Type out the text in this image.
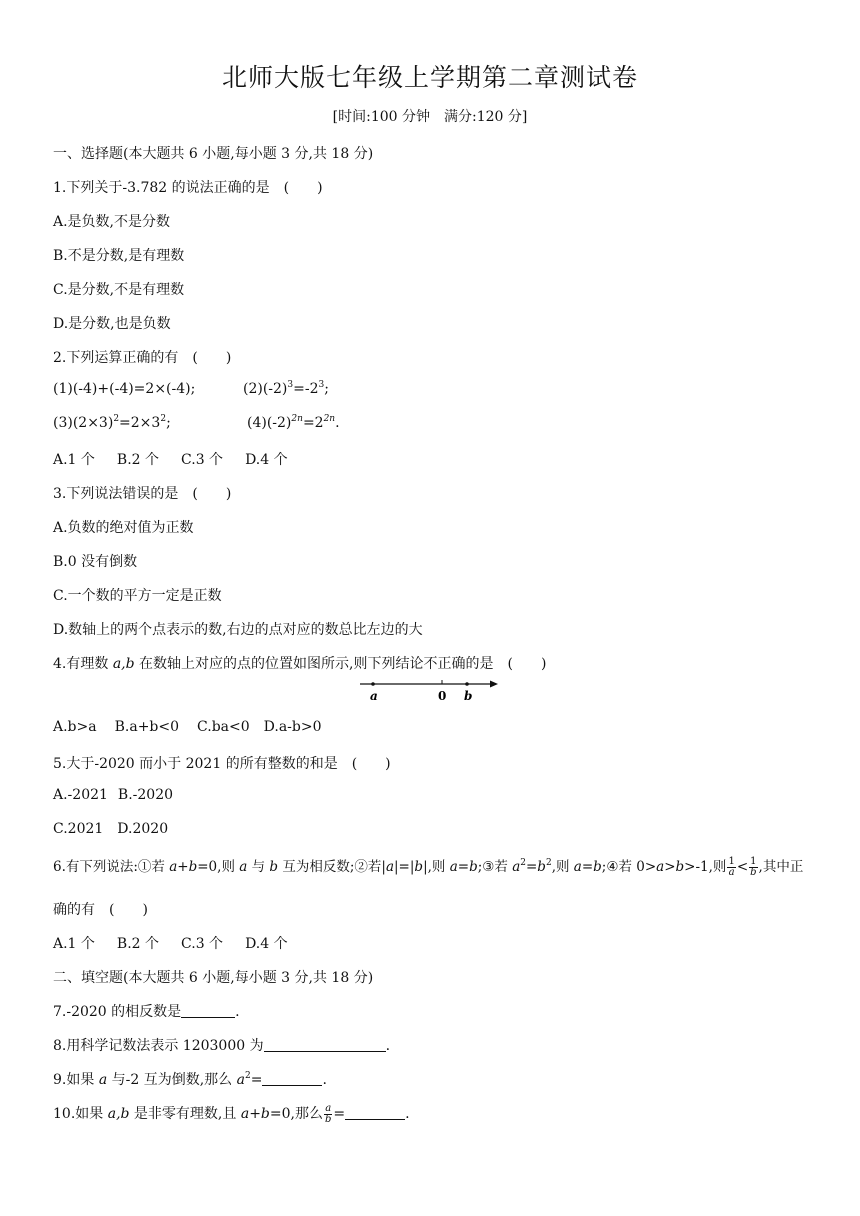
北师大版七年级上学期第二章测试卷
[时间:100 分钟　满分:120 分]
一、选择题(本大题共 6 小题,每小题 3 分,共 18 分)
1.下列关于-3.782 的说法正确的是　(　　)
A.是负数,不是分数
B.不是分数,是有理数
C.是分数,不是有理数
D.是分数,也是负数
2.下列运算正确的有　(　　)
(1)(-4)+(-4)=2×(-4);	$(2)(-2)^3=-2^3$;
$(3)(2\times 3)^2=2\times 3^2$;	$(4)(-2)^{2n}=2^{2n}$.
A.1 个 B.2 个 C.3 个 D.4 个
3.下列说法错误的是　(　　)
A.负数的绝对值为正数
B.0 没有倒数
C.一个数的平方一定是正数
D.数轴上的两个点表示的数,右边的点对应的数总比左边的大
4.有理数 a,b 在数轴上对应的点的位置如图所示,则下列结论不正确的是　(　　)
a	0 b
A.b>a B.a+b<0 C.ba<0 D.a-b>0
5.大于-2020 而小于 2021 的所有整数的和是　(　　)
A.-2021 B.-2020
C.2021 D.2020
6.有下列说法:①若 a+b=0,则 a 与 b 互为相反数;②若|a|=|b|,则 a=b;③若 $a^2=b^2$,则 a=b;④若 0>a>b>-1,则 $\frac{1}{a} < \frac{1}{b}$ ,其中正
确的有　(　　)
A.1 个 B.2 个 C.3 个 D.4 个
二、填空题(本大题共 6 小题,每小题 3 分,共 18 分)
7.-2020 的相反数是	.
8.用科学记数法表示 1203000 为	.
9.如果 a 与-2 互为倒数,那么 $a^2=$	.
10.如果 a,b 是非零有理数,且 a+b=0,那么 $\frac{a}{b}$ =	.
